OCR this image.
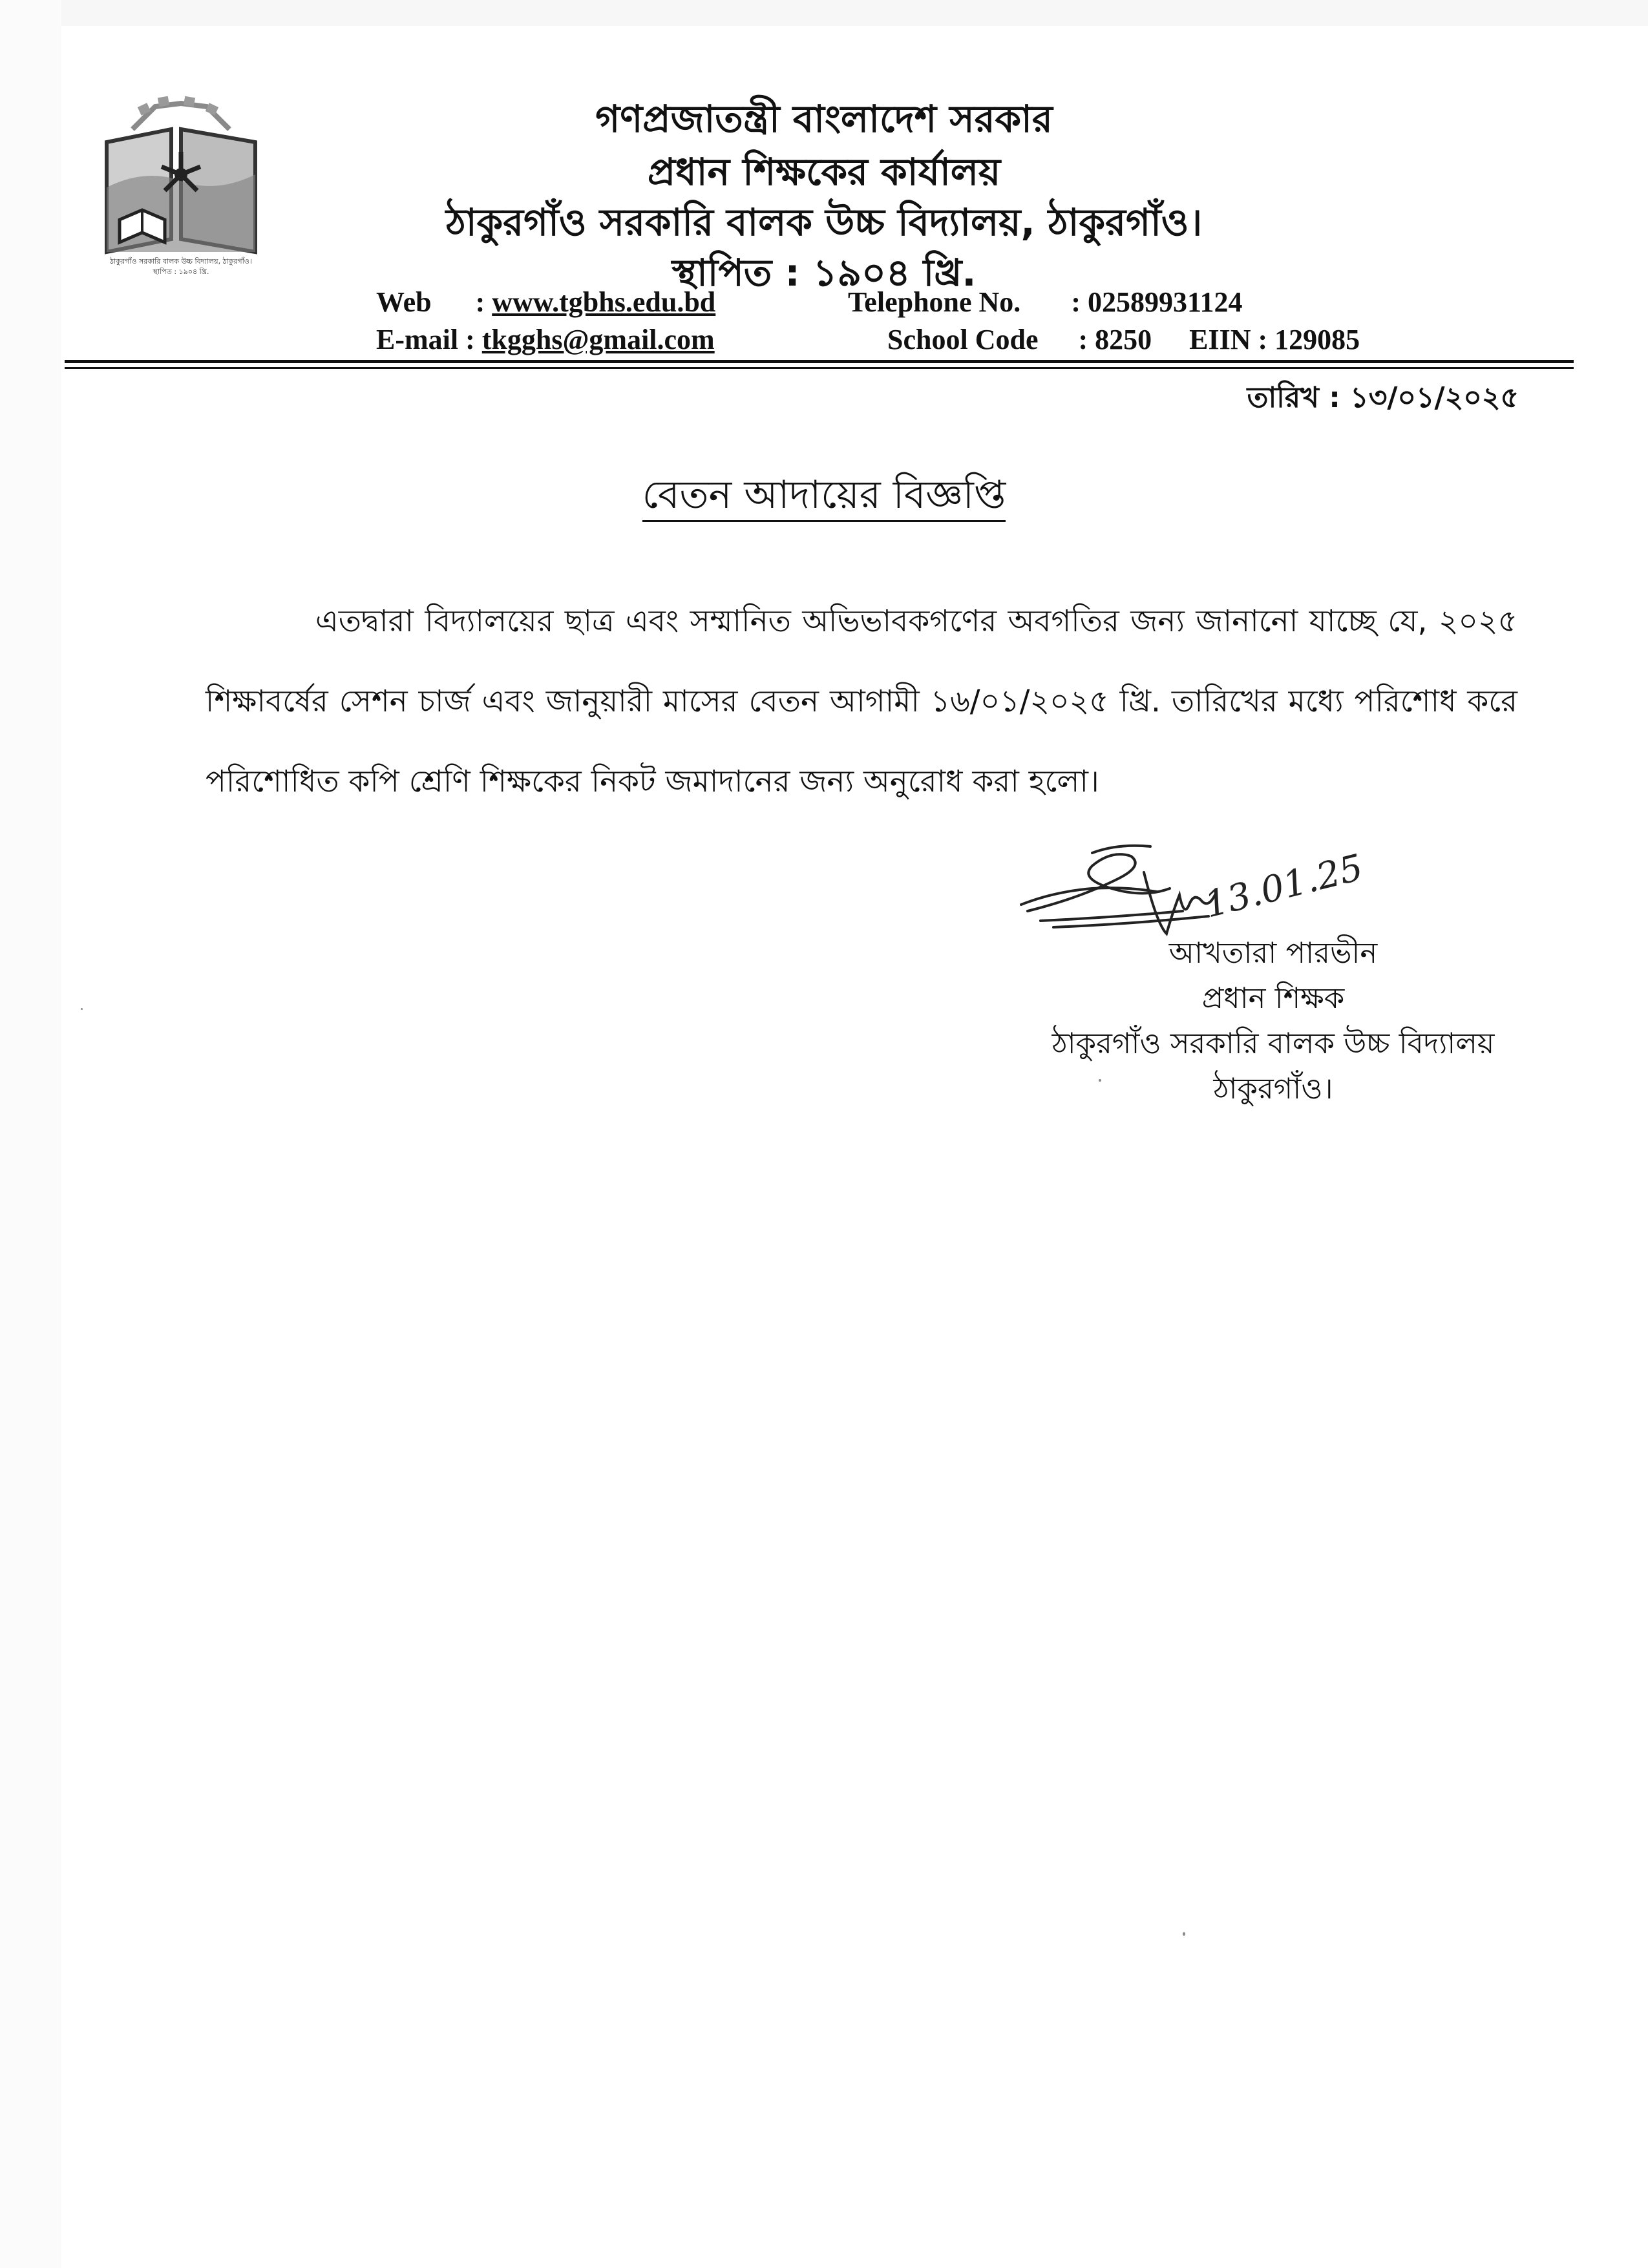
ঠাকুরগাঁও সরকারি বালক উচ্চ বিদ্যালয়, ঠাকুরগাঁও।
স্থাপিত : ১৯০৪ খ্রি.
গণপ্রজাতন্ত্রী বাংলাদেশ সরকার
প্রধান শিক্ষকের কার্যালয়
ঠাকুরগাঁও সরকারি বালক উচ্চ বিদ্যালয়, ঠাকুরগাঁও।
স্থাপিত : ১৯০৪ খ্রি.
Web : www.tgbhs.edu.bd	Telephone No. : 02589931124
E-mail : tkgghs@gmail.com	School Code : 8250 EIIN : 129085
তারিখ : ১৩/০১/২০২৫
বেতন আদায়ের বিজ্ঞপ্তি
এতদ্বারা বিদ্যালয়ের ছাত্র এবং সম্মানিত অভিভাবকগণের অবগতির জন্য জানানো যাচ্ছে যে, ২০২৫ শিক্ষাবর্ষের সেশন চার্জ এবং জানুয়ারী মাসের বেতন আগামী ১৬/০১/২০২৫ খ্রি. তারিখের মধ্যে পরিশোধ করে পরিশোধিত কপি শ্রেণি শিক্ষকের নিকট জমাদানের জন্য অনুরোধ করা হলো।
13.01.25
আখতারা পারভীন
প্রধান শিক্ষক
ঠাকুরগাঁও সরকারি বালক উচ্চ বিদ্যালয়
ঠাকুরগাঁও।
